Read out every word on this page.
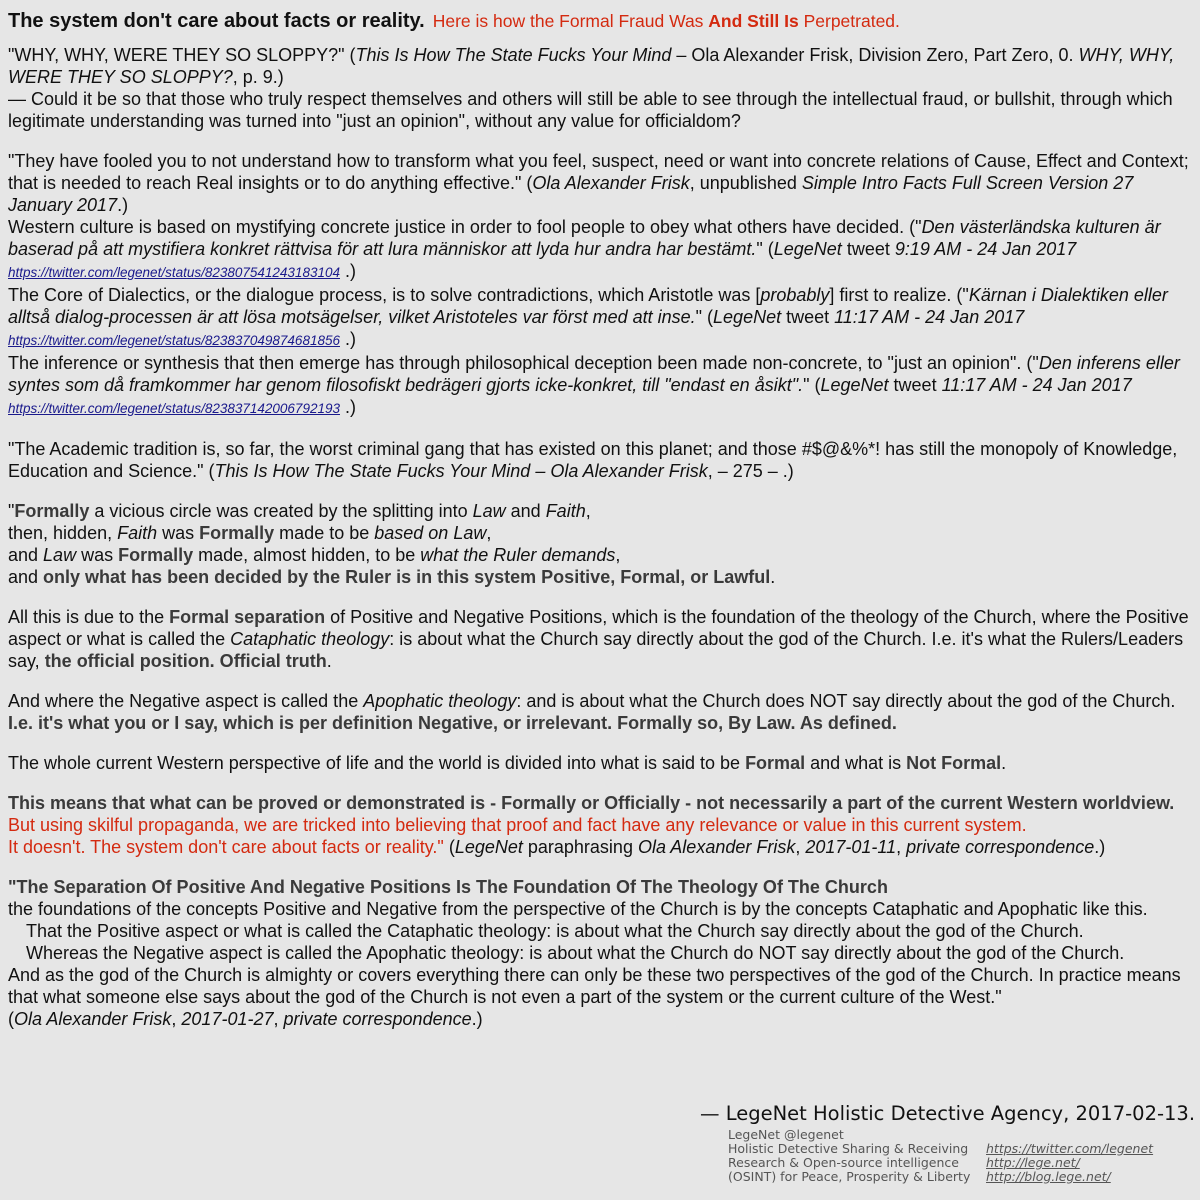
The system don't care about facts or reality. Here is how the Formal Fraud Was And Still Is Perpetrated.
"WHY, WHY, WERE THEY SO SLOPPY?" (This Is How The State Fucks Your Mind – Ola Alexander Frisk, Division Zero, Part Zero, 0. WHY, WHY, WERE THEY SO SLOPPY?, p. 9.)
— Could it be so that those who truly respect themselves and others will still be able to see through the intellectual fraud, or bullshit, through which legitimate understanding was turned into "just an opinion", without any value for officialdom?
"They have fooled you to not understand how to transform what you feel, suspect, need or want into concrete relations of Cause, Effect and Context; that is needed to reach Real insights or to do anything effective." (Ola Alexander Frisk, unpublished Simple Intro Facts Full Screen Version 27 January 2017.)
Western culture is based on mystifying concrete justice in order to fool people to obey what others have decided. ("Den västerländska kulturen är baserad på att mystifiera konkret rättvisa för att lura människor att lyda hur andra har bestämt." (LegeNet tweet 9:19 AM - 24 Jan 2017 https://twitter.com/legenet/status/823807541243183104 .)
The Core of Dialectics, or the dialogue process, is to solve contradictions, which Aristotle was [probably] first to realize. ("Kärnan i Dialektiken eller alltså dialog-processen är att lösa motsägelser, vilket Aristoteles var först med att inse." (LegeNet tweet 11:17 AM - 24 Jan 2017 https://twitter.com/legenet/status/823837049874681856 .)
The inference or synthesis that then emerge has through philosophical deception been made non-concrete, to "just an opinion". ("Den inferens eller syntes som då framkommer har genom filosofiskt bedrägeri gjorts icke-konkret, till "endast en åsikt"." (LegeNet tweet 11:17 AM - 24 Jan 2017 https://twitter.com/legenet/status/823837142006792193 .)
"The Academic tradition is, so far, the worst criminal gang that has existed on this planet; and those #$@&%*! has still the monopoly of Knowledge, Education and Science." (This Is How The State Fucks Your Mind – Ola Alexander Frisk, – 275 – .)
"Formally a vicious circle was created by the splitting into Law and Faith,
then, hidden, Faith was Formally made to be based on Law,
and Law was Formally made, almost hidden, to be what the Ruler demands,
and only what has been decided by the Ruler is in this system Positive, Formal, or Lawful.
All this is due to the Formal separation of Positive and Negative Positions, which is the foundation of the theology of the Church, where the Positive aspect or what is called the Cataphatic theology: is about what the Church say directly about the god of the Church. I.e. it's what the Rulers/Leaders say, the official position. Official truth.
And where the Negative aspect is called the Apophatic theology: and is about what the Church does NOT say directly about the god of the Church. I.e. it's what you or I say, which is per definition Negative, or irrelevant. Formally so, By Law. As defined.
The whole current Western perspective of life and the world is divided into what is said to be Formal and what is Not Formal.
This means that what can be proved or demonstrated is - Formally or Officially - not necessarily a part of the current Western worldview.
But using skilful propaganda, we are tricked into believing that proof and fact have any relevance or value in this current system.
It doesn't. The system don't care about facts or reality." (LegeNet paraphrasing Ola Alexander Frisk, 2017-01-11, private correspondence.)
"The Separation Of Positive And Negative Positions Is The Foundation Of The Theology Of The Church
the foundations of the concepts Positive and Negative from the perspective of the Church is by the concepts Cataphatic and Apophatic like this.
That the Positive aspect or what is called the Cataphatic theology: is about what the Church say directly about the god of the Church.
Whereas the Negative aspect is called the Apophatic theology: is about what the Church do NOT say directly about the god of the Church.
And as the god of the Church is almighty or covers everything there can only be these two perspectives of the god of the Church. In practice means that what someone else says about the god of the Church is not even a part of the system or the current culture of the West."
(Ola Alexander Frisk, 2017-01-27, private correspondence.)
— LegeNet Holistic Detective Agency, 2017-02-13.
LegeNet @legenet
Holistic Detective Sharing & Receiving	https://twitter.com/legenet
Research & Open-source intelligence	http://lege.net/
(OSINT) for Peace, Prosperity & Liberty	http://blog.lege.net/
